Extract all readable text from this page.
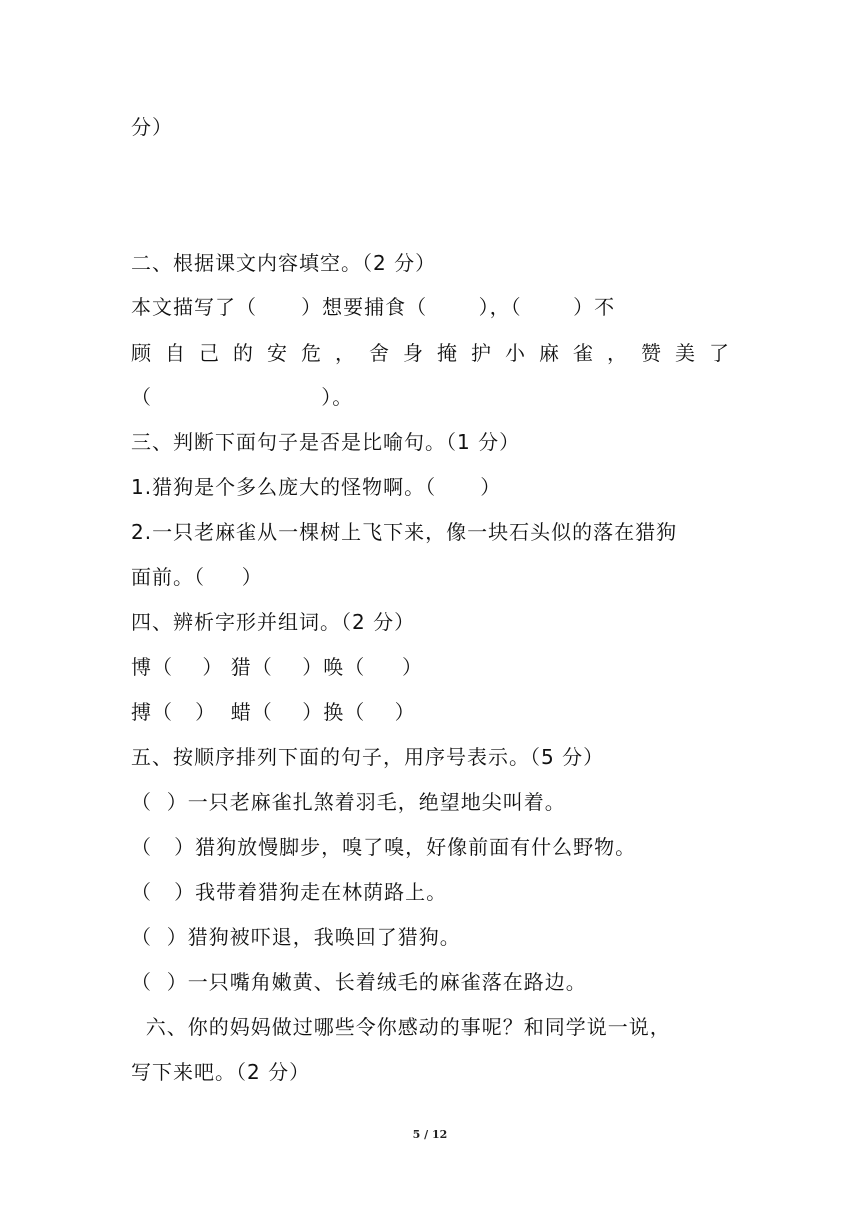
分）
二、根据课文内容填空。（2 分）
本文描写了（      ）想要捕食（       ），（       ）不
顾 自 己 的 安 危 ， 舍 身 掩 护 小 麻 雀 ， 赞 美 了
（                       ）。
三、判断下面句子是否是比喻句。（1 分）
1.猎狗是个多么庞大的怪物啊。（      ）
2.一只老麻雀从一棵树上飞下来，像一块石头似的落在猎狗
面前。（     ）
四、辨析字形并组词。（2 分）
博（    ） 猎（    ）唤（     ）
搏（   ）  蜡（    ）换（    ）
五、按顺序排列下面的句子，用序号表示。（5 分）
（  ）一只老麻雀扎煞着羽毛，绝望地尖叫着。
（   ）猎狗放慢脚步，嗅了嗅，好像前面有什么野物。
（   ）我带着猎狗走在林荫路上。
（  ）猎狗被吓退，我唤回了猎狗。
（  ）一只嘴角嫩黄、长着绒毛的麻雀落在路边。
六、你的妈妈做过哪些令你感动的事呢？和同学说一说，
写下来吧。（2 分）
5 / 12
